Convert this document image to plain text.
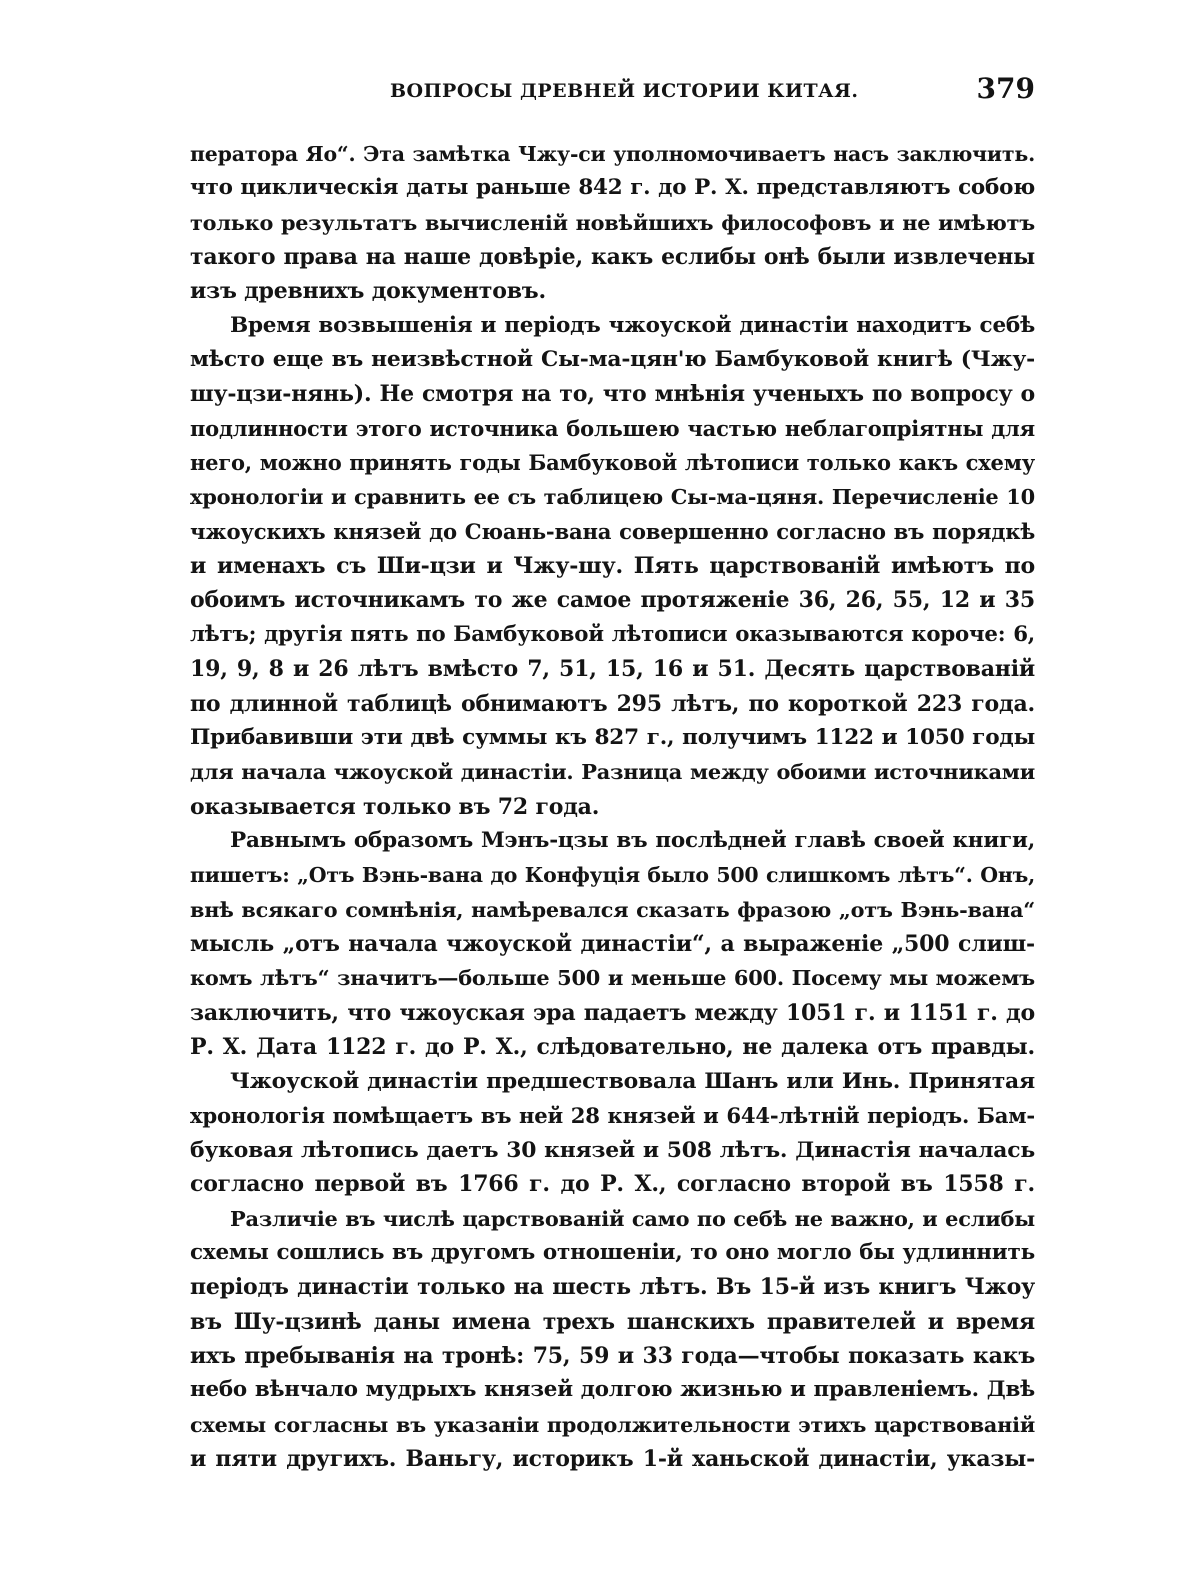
ВОПРОСЫ ДРЕВНЕЙ ИСТОРИИ КИТАЯ.	379
ператора Яо“. Эта замѣтка Чжу-си уполномочиваетъ насъ заключить.
что циклическія даты раньше 842 г. до Р. Х. представляютъ собою
только результатъ вычисленій новѣйшихъ философовъ и не имѣютъ
такого права на наше довѣріе, какъ еслибы онѣ были извлечены
изъ древнихъ документовъ.
Время возвышенія и періодъ чжоуской династіи находитъ себѣ
мѣсто еще въ неизвѣстной Сы-ма-цян'ю Бамбуковой книгѣ (Чжу-
шу-цзи-нянь). Не смотря на то, что мнѣнія ученыхъ по вопросу о
подлинности этого источника большею частью неблагопріятны для
него, можно принять годы Бамбуковой лѣтописи только какъ схему
хронологіи и сравнить ее съ таблицею Сы-ма-цяня. Перечисленіе 10
чжоускихъ князей до Сюань-вана совершенно согласно въ порядкѣ
и именахъ съ Ши-цзи и Чжу-шу. Пять царствованій имѣютъ по
обоимъ источникамъ то же самое протяженіе 36, 26, 55, 12 и 35
лѣтъ; другія пять по Бамбуковой лѣтописи оказываются короче: 6,
19, 9, 8 и 26 лѣтъ вмѣсто 7, 51, 15, 16 и 51. Десять царствованій
по длинной таблицѣ обнимаютъ 295 лѣтъ, по короткой 223 года.
Прибавивши эти двѣ суммы къ 827 г., получимъ 1122 и 1050 годы
для начала чжоуской династіи. Разница между обоими источниками
оказывается только въ 72 года.
Равнымъ образомъ Мэнъ-цзы въ послѣдней главѣ своей книги,
пишетъ: „Отъ Вэнь-вана до Конфуція было 500 слишкомъ лѣтъ“. Онъ,
внѣ всякаго сомнѣнія, намѣревался сказать фразою „отъ Вэнь-вана“
мысль „отъ начала чжоуской династіи“, а выраженіе „500 слиш-
комъ лѣтъ“ значитъ—больше 500 и меньше 600. Посему мы можемъ
заключить, что чжоуская эра падаетъ между 1051 г. и 1151 г. до
Р. Х. Дата 1122 г. до Р. Х., слѣдовательно, не далека отъ правды.
Чжоуской династіи предшествовала Шанъ или Инь. Принятая
хронологія помѣщаетъ въ ней 28 князей и 644-лѣтній періодъ. Бам-
буковая лѣтопись даетъ 30 князей и 508 лѣтъ. Династія началась
согласно первой въ 1766 г. до Р. Х., согласно второй въ 1558 г.
Различіе въ числѣ царствованій само по себѣ не важно, и еслибы
схемы сошлись въ другомъ отношеніи, то оно могло бы удлиннить
періодъ династіи только на шесть лѣтъ. Въ 15-й изъ книгъ Чжоу
въ Шу-цзинѣ даны имена трехъ шанскихъ правителей и время
ихъ пребыванія на тронѣ: 75, 59 и 33 года—чтобы показать какъ
небо вѣнчало мудрыхъ князей долгою жизнью и правленіемъ. Двѣ
схемы согласны въ указаніи продолжительности этихъ царствованій
и пяти другихъ. Ваньгу, историкъ 1-й ханьской династіи, указы-
